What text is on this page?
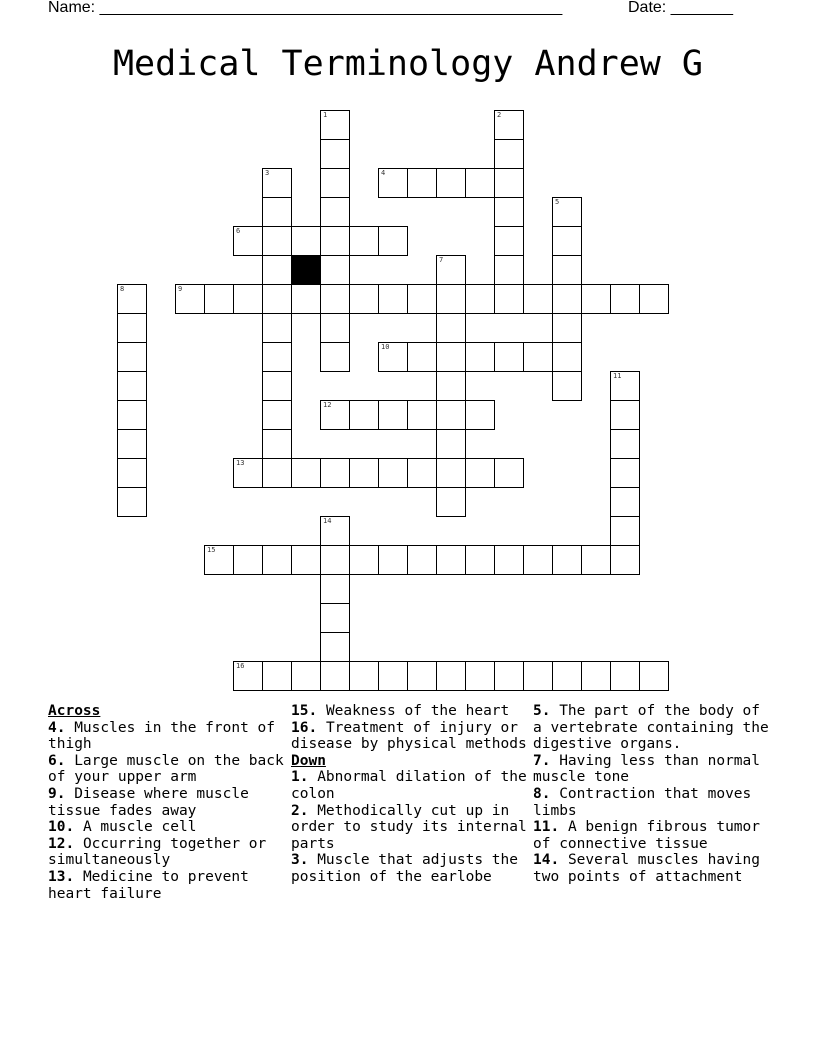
Name: ____________________________________________________	Date: _______
Medical Terminology Andrew G
1	2
3	4
5
6
7
8	9
10
11
12
13
14
15
16
Across
4. Muscles in the front of thigh
6. Large muscle on the back of your upper arm
9. Disease where muscle tissue fades away
10. A muscle cell
12. Occurring together or simultaneously
13. Medicine to prevent heart failure
15. Weakness of the heart
16. Treatment of injury or disease by physical methods
Down
1. Abnormal dilation of the colon
2. Methodically cut up in order to study its internal parts
3. Muscle that adjusts the position of the earlobe
5. The part of the body of a vertebrate containing the digestive organs.
7. Having less than normal muscle tone
8. Contraction that moves limbs
11. A benign fibrous tumor of connective tissue
14. Several muscles having two points of attachment
